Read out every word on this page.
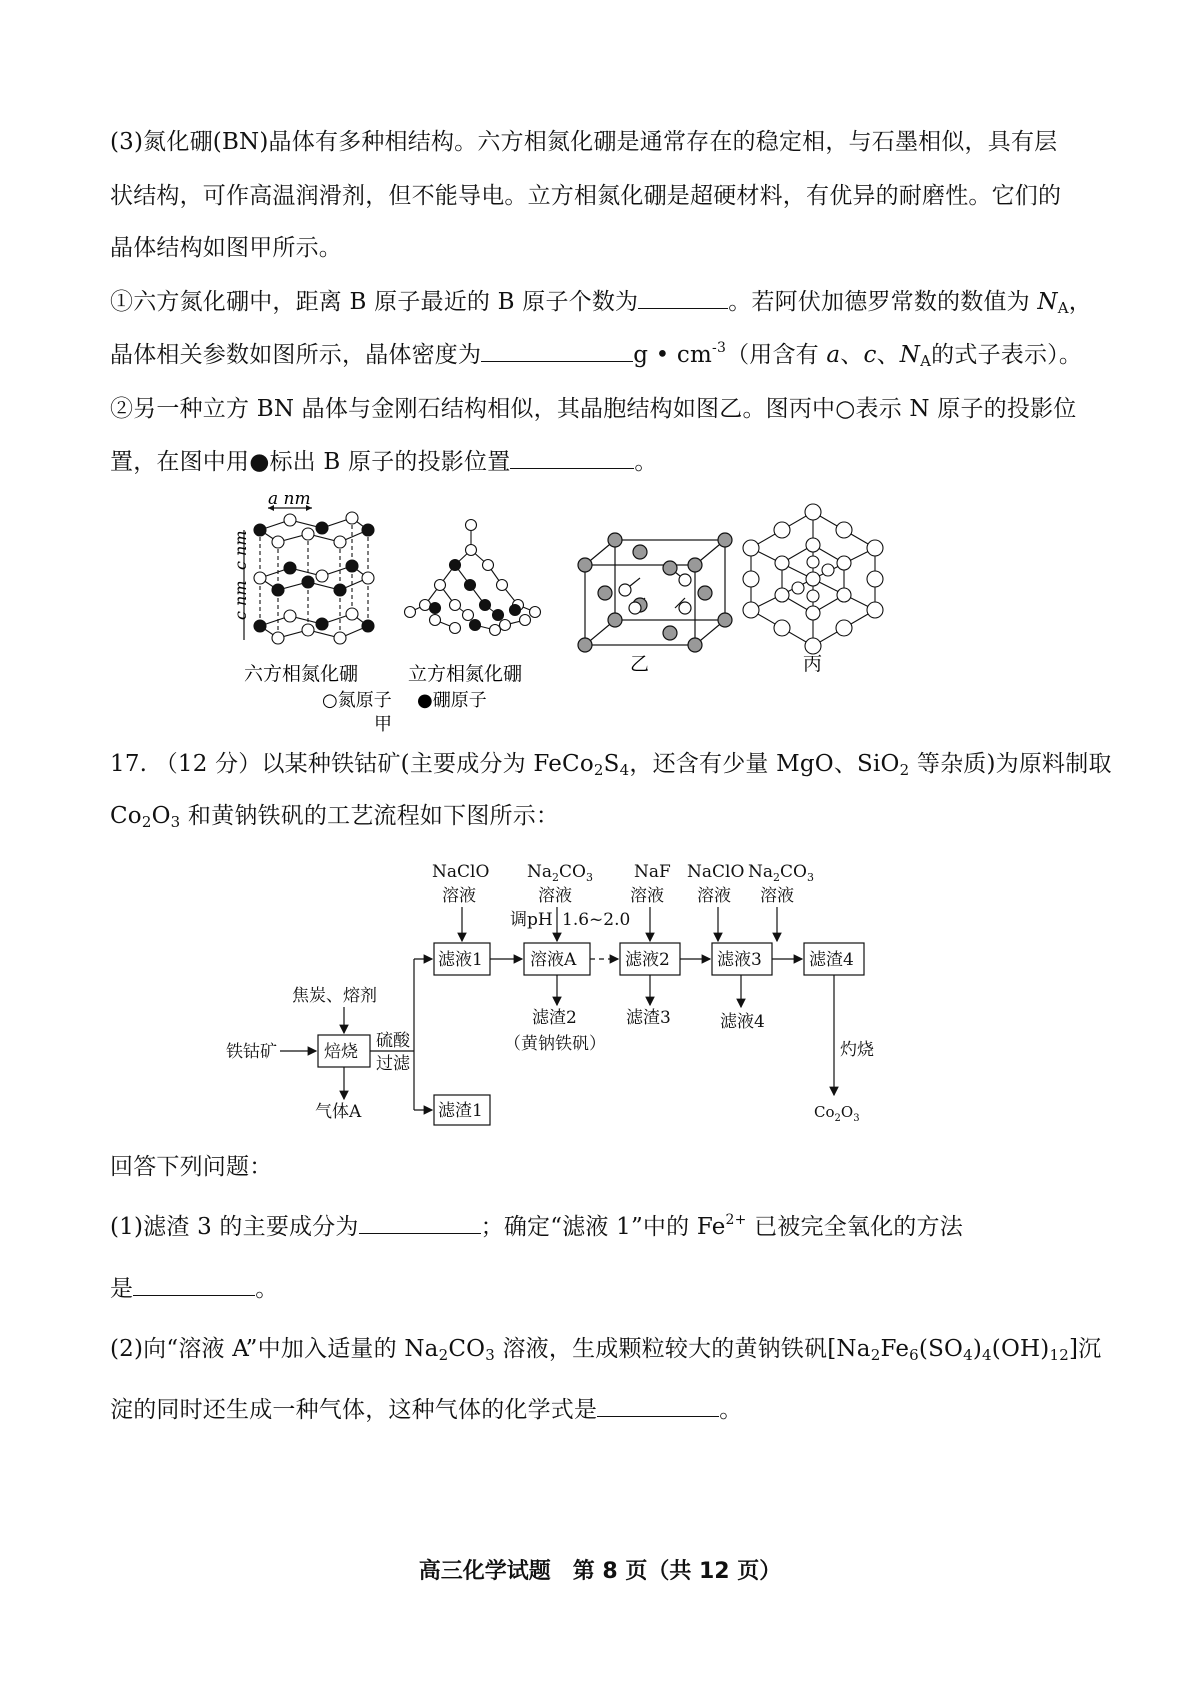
(3)氮化硼(BN)晶体有多种相结构。六方相氮化硼是通常存在的稳定相，与石墨相似，具有层
状结构，可作高温润滑剂，但不能导电。立方相氮化硼是超硬材料，有优异的耐磨性。它们的
晶体结构如图甲所示。
①六方氮化硼中，距离 B 原子最近的 B 原子个数为	。若阿伏加德罗常数的数值为 $N_A$，
晶体相关参数如图所示，晶体密度为	g • $cm^{-3}$（用含有 a、c、$N_A$的式子表示）。
②另一种立方 BN 晶体与金刚石结构相似，其晶胞结构如图乙。图丙中○表示 N 原子的投影位
置，在图中用●标出 B 原子的投影位置	。
a nm
c nm
c nm
六方相氮化硼	立方相氮化硼
○氮原子 ●硼原子
甲
乙	丙
17. （12 分）以某种铁钴矿(主要成分为 $FeCo_2S_4$，还含有少量 MgO、SiO$_2$ 等杂质)为原料制取
$Co_2O_3$ 和黄钠铁矾的工艺流程如下图所示：
NaClO
溶液
$Na_2CO_3$
溶液
调pH 1.6~2.0
NaF
溶液
NaClO
溶液
$Na_2CO_3$
溶液
滤液1	溶液A	滤液2	滤液3	滤渣4
焙烧
滤渣1
焦炭、熔剂
铁钴矿
硫酸
过滤
气体A
滤渣2
（黄钠铁矾）
滤渣3	滤液4
灼烧
$Co_2O_3$
回答下列问题：
(1)滤渣 3 的主要成分为	；确定“滤液 1”中的 $Fe^{2+}$ 已被完全氧化的方法
是	。
(2)向“溶液 A”中加入适量的 $Na_2CO_3$ 溶液，生成颗粒较大的黄钠铁矾$[Na_2Fe_6(SO_4)_4(OH)_{12}]$沉
淀的同时还生成一种气体，这种气体的化学式是	。
高三化学试题　第 8 页（共 12 页）
